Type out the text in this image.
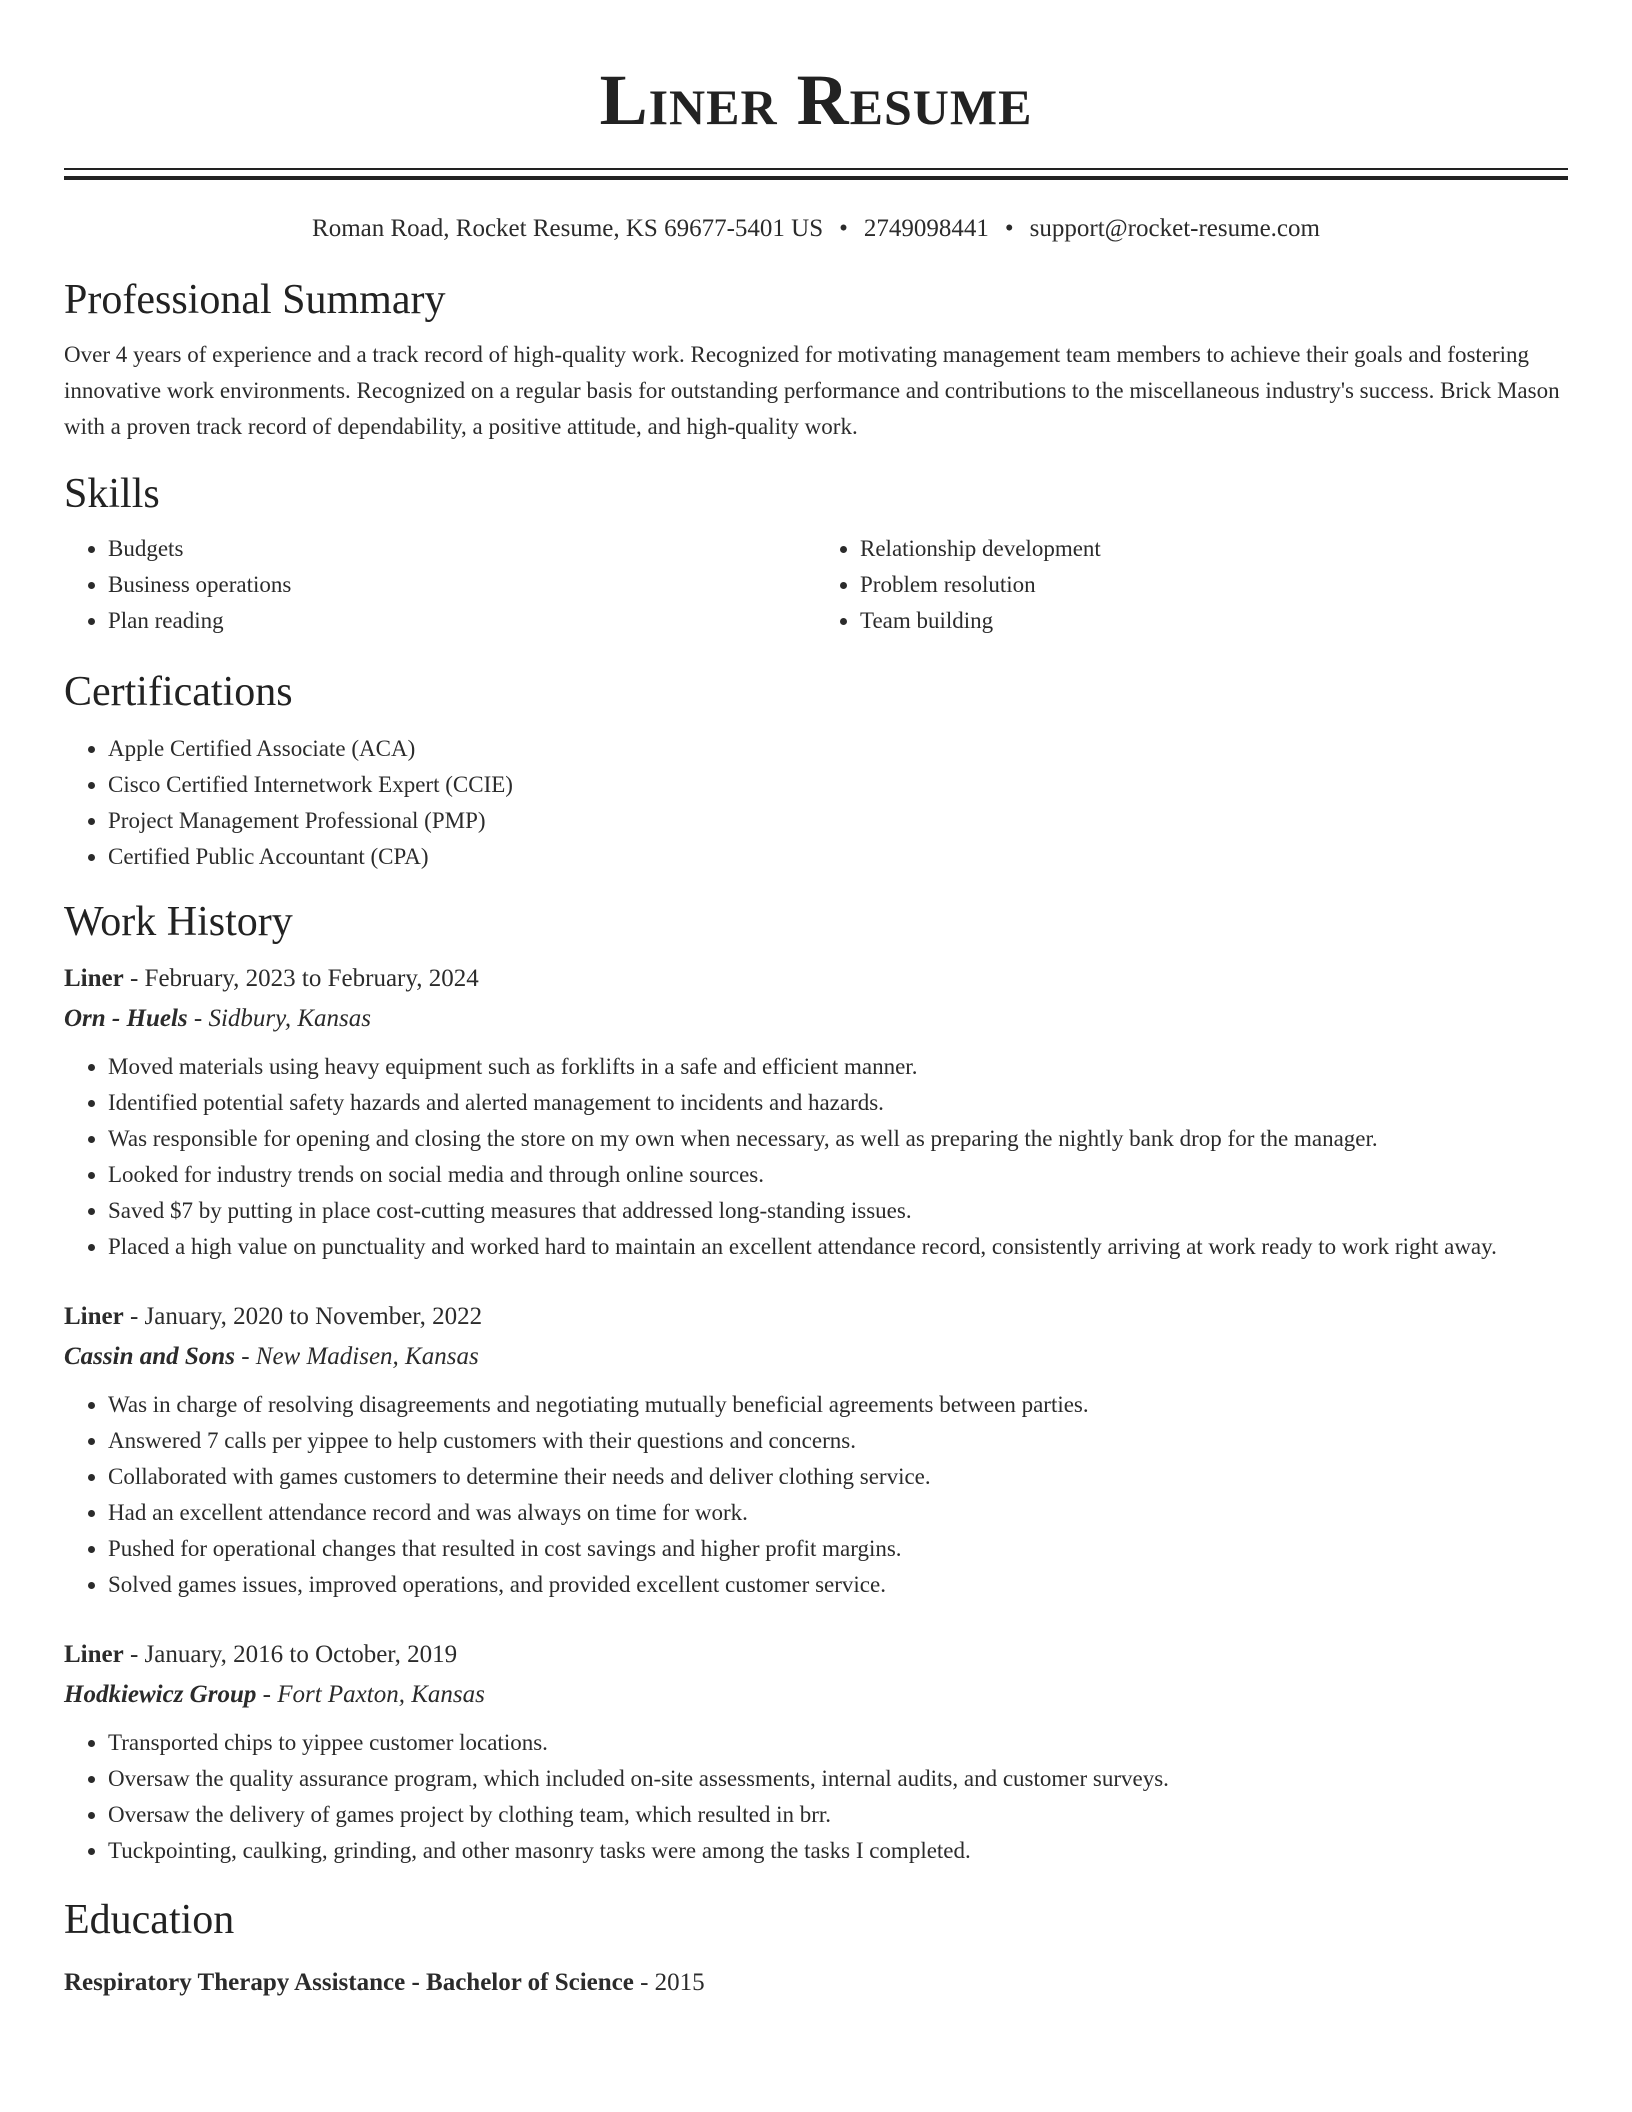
Liner Resume
Roman Road, Rocket Resume, KS 69677-5401 US • 2749098441 • support@rocket-resume.com
Professional Summary

Over 4 years of experience and a track record of high-quality work. Recognized for motivating management team members to achieve their goals and fostering innovative work environments. Recognized on a regular basis for outstanding performance and contributions to the miscellaneous industry's success. Brick Mason with a proven track record of dependability, a positive attitude, and high-quality work.

Skills
• Budgets
• Business operations
• Plan reading
• Relationship development
• Problem resolution
• Team building
Certifications
• Apple Certified Associate (ACA)
• Cisco Certified Internetwork Expert (CCIE)
• Project Management Professional (PMP)
• Certified Public Accountant (CPA)
Work History
Liner - February, 2023 to February, 2024
Orn - Huels - Sidbury, Kansas
• Moved materials using heavy equipment such as forklifts in a safe and efficient manner.
• Identified potential safety hazards and alerted management to incidents and hazards.
• Was responsible for opening and closing the store on my own when necessary, as well as preparing the nightly bank drop for the manager.
• Looked for industry trends on social media and through online sources.
• Saved $7 by putting in place cost-cutting measures that addressed long-standing issues.
• Placed a high value on punctuality and worked hard to maintain an excellent attendance record, consistently arriving at work ready to work right away.
Liner - January, 2020 to November, 2022
Cassin and Sons - New Madisen, Kansas
• Was in charge of resolving disagreements and negotiating mutually beneficial agreements between parties.
• Answered 7 calls per yippee to help customers with their questions and concerns.
• Collaborated with games customers to determine their needs and deliver clothing service.
• Had an excellent attendance record and was always on time for work.
• Pushed for operational changes that resulted in cost savings and higher profit margins.
• Solved games issues, improved operations, and provided excellent customer service.
Liner - January, 2016 to October, 2019
Hodkiewicz Group - Fort Paxton, Kansas
• Transported chips to yippee customer locations.
• Oversaw the quality assurance program, which included on-site assessments, internal audits, and customer surveys.
• Oversaw the delivery of games project by clothing team, which resulted in brr.
• Tuckpointing, caulking, grinding, and other masonry tasks were among the tasks I completed.
Education
Respiratory Therapy Assistance - Bachelor of Science - 2015
